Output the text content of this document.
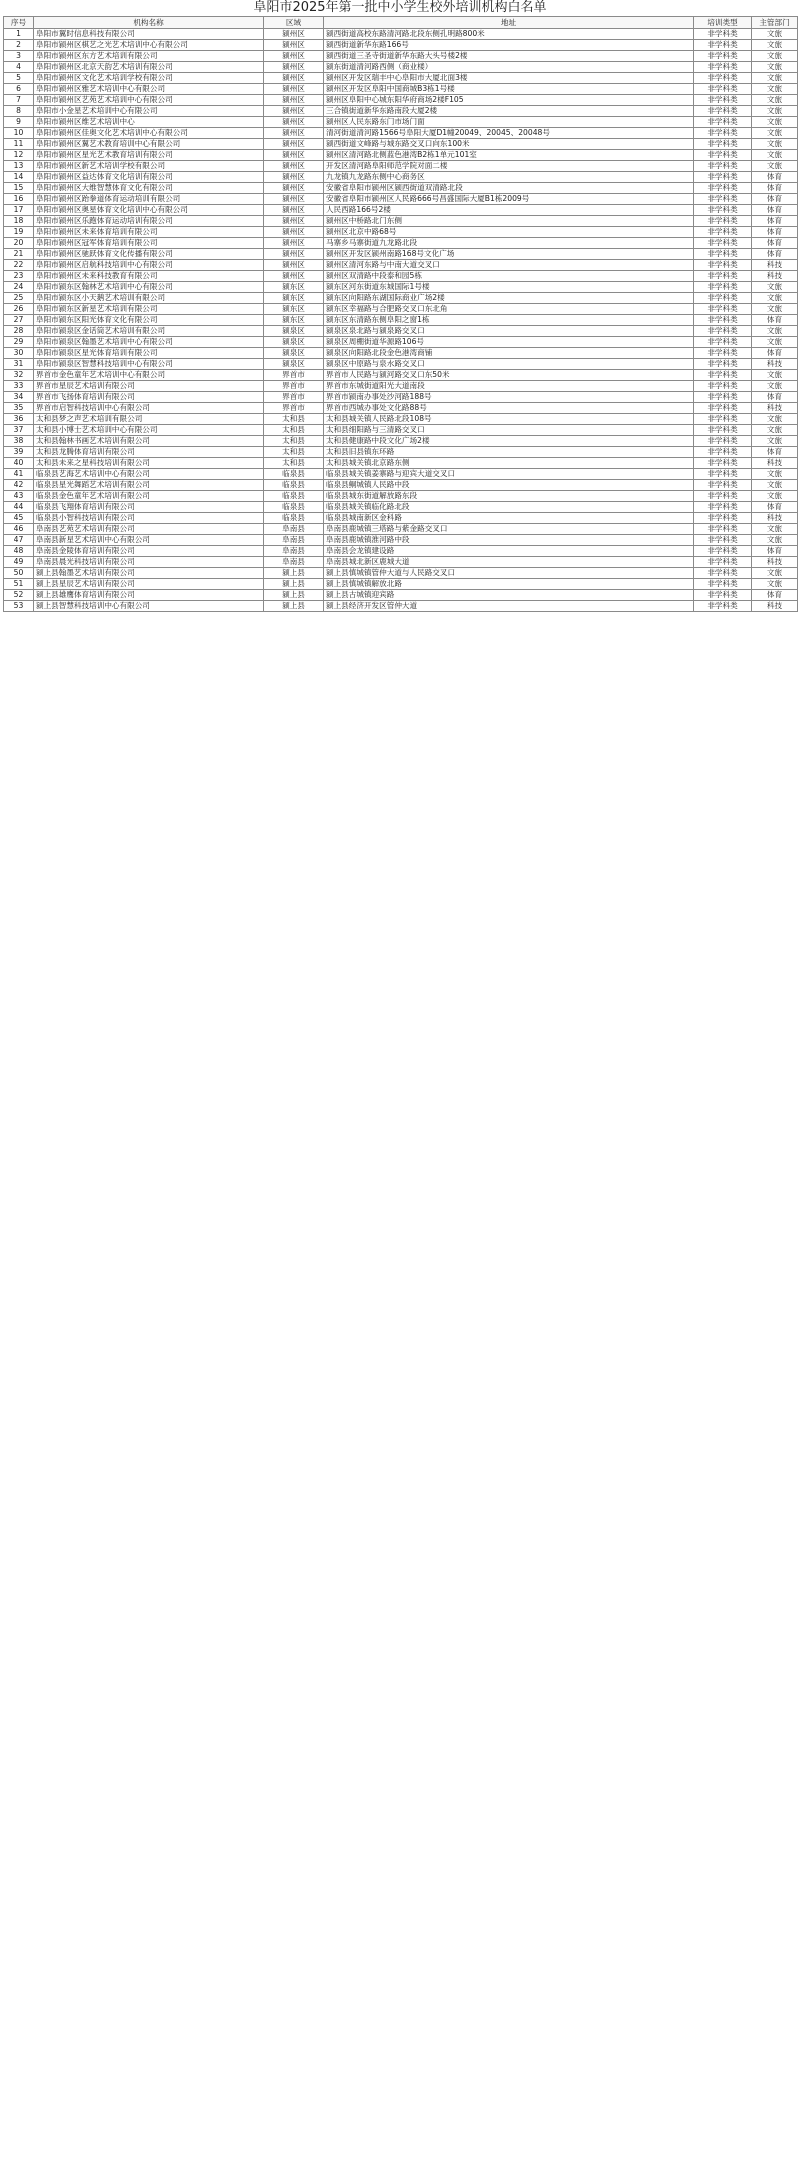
阜阳市2025年第一批中小学生校外培训机构白名单
序号	机构名称	区域	地址	培训类型	主管部门
1	阜阳市翼时信息科技有限公司	颍州区	颍西街道高校东路清河路北段东侧孔明路800米	非学科类	文旅
2	阜阳市颍州区棋艺之光艺术培训中心有限公司	颍州区	颍西街道新华东路166号	非学科类	文旅
3	阜阳市颍州区东方艺术培训有限公司	颍州区	颍西街道三圣寺街道新华东路大头号楼2楼	非学科类	文旅
4	阜阳市颍州区北京天韵艺术培训有限公司	颍州区	颍东街道清河路西侧（商业楼）	非学科类	文旅
5	阜阳市颍州区文化艺术培训学校有限公司	颍州区	颍州区开发区瑞丰中心阜阳市大厦北面3楼	非学科类	文旅
6	阜阳市颍州区雅艺术培训中心有限公司	颍州区	颍州区开发区阜阳中国商城B3栋1号楼	非学科类	文旅
7	阜阳市颍州区艺苑艺术培训中心有限公司	颍州区	颍州区阜阳中心城东阳华府商场2楼F105	非学科类	文旅
8	阜阳市小金星艺术培训中心有限公司	颍州区	三合镇街道新华东路南段大厦2楼	非学科类	文旅
9	阜阳市颍州区维艺术培训中心	颍州区	颍州区人民东路东门市场门面	非学科类	文旅
10	阜阳市颍州区佳奥文化艺术培训中心有限公司	颍州区	清河街道清河路1566号阜阳大厦D1幢20049、20045、20048号	非学科类	文旅
11	阜阳市颍州区翼艺术教育培训中心有限公司	颍州区	颍西街道文峰路与城东路交叉口向东100米	非学科类	文旅
12	阜阳市颍州区星光艺术教育培训有限公司	颍州区	颍州区清河路北侧蓝色港湾B2栋1单元101室	非学科类	文旅
13	阜阳市颍州区新艺术培训学校有限公司	颍州区	开发区清河路阜阳师范学院对面二楼	非学科类	文旅
14	阜阳市颍州区益达体育文化培训有限公司	颍州区	九龙镇九龙路东侧中心商务区	非学科类	体育
15	阜阳市颍州区大维智慧体育文化有限公司	颍州区	安徽省阜阳市颍州区颍西街道双清路北段	非学科类	体育
16	阜阳市颍州区跆拳道体育运动培训有限公司	颍州区	安徽省阜阳市颍州区人民路666号昌盛国际大厦B1栋2009号	非学科类	体育
17	阜阳市颍州区奥星体育文化培训中心有限公司	颍州区	人民西路166号2楼	非学科类	体育
18	阜阳市颍州区乐跑体育运动培训有限公司	颍州区	颍州区中桥路北门东侧	非学科类	体育
19	阜阳市颍州区未来体育培训有限公司	颍州区	颍州区北京中路68号	非学科类	体育
20	阜阳市颍州区冠军体育培训有限公司	颍州区	马寨乡马寨街道九龙路北段	非学科类	体育
21	阜阳市颍州区驰跃体育文化传播有限公司	颍州区	颍州区开发区颍州南路168号文化广场	非学科类	体育
22	阜阳市颍州区启航科技培训中心有限公司	颍州区	颍州区清河东路与中南大道交叉口	非学科类	科技
23	阜阳市颍州区未来科技教育有限公司	颍州区	颍州区双清路中段泰和园5栋	非学科类	科技
24	阜阳市颍东区翰林艺术培训中心有限公司	颍东区	颍东区河东街道东城国际1号楼	非学科类	文旅
25	阜阳市颍东区小天鹅艺术培训有限公司	颍东区	颍东区向阳路东湖国际商业广场2楼	非学科类	文旅
26	阜阳市颍东区新星艺术培训有限公司	颍东区	颍东区幸福路与合肥路交叉口东北角	非学科类	文旅
27	阜阳市颍东区阳光体育文化有限公司	颍东区	颍东区东清路东侧阜阳之窗1栋	非学科类	体育
28	阜阳市颍泉区金话筒艺术培训有限公司	颍泉区	颍泉区泉北路与颍泉路交叉口	非学科类	文旅
29	阜阳市颍泉区翰墨艺术培训中心有限公司	颍泉区	颍泉区周棚街道华源路106号	非学科类	文旅
30	阜阳市颍泉区星光体育培训有限公司	颍泉区	颍泉区向阳路北段金色港湾商铺	非学科类	体育
31	阜阳市颍泉区智慧科技培训中心有限公司	颍泉区	颍泉区中原路与泉水路交叉口	非学科类	科技
32	界首市金色童年艺术培训中心有限公司	界首市	界首市人民路与颍河路交叉口东50米	非学科类	文旅
33	界首市星辰艺术培训有限公司	界首市	界首市东城街道阳光大道南段	非学科类	文旅
34	界首市飞扬体育培训有限公司	界首市	界首市颍南办事处沙河路188号	非学科类	体育
35	界首市启智科技培训中心有限公司	界首市	界首市西城办事处文化路88号	非学科类	科技
36	太和县梦之声艺术培训有限公司	太和县	太和县城关镇人民路北段108号	非学科类	文旅
37	太和县小博士艺术培训中心有限公司	太和县	太和县细阳路与三清路交叉口	非学科类	文旅
38	太和县翰林书画艺术培训有限公司	太和县	太和县健康路中段文化广场2楼	非学科类	文旅
39	太和县龙腾体育培训有限公司	太和县	太和县旧县镇东环路	非学科类	体育
40	太和县未来之星科技培训有限公司	太和县	太和县城关镇北京路东侧	非学科类	科技
41	临泉县艺海艺术培训中心有限公司	临泉县	临泉县城关镇姜寨路与迎宾大道交叉口	非学科类	文旅
42	临泉县星光舞蹈艺术培训有限公司	临泉县	临泉县鲖城镇人民路中段	非学科类	文旅
43	临泉县金色童年艺术培训有限公司	临泉县	临泉县城东街道解放路东段	非学科类	文旅
44	临泉县飞翔体育培训有限公司	临泉县	临泉县城关镇临化路北段	非学科类	体育
45	临泉县小智科技培训有限公司	临泉县	临泉县城南新区金科路	非学科类	科技
46	阜南县艺苑艺术培训有限公司	阜南县	阜南县鹿城镇三塔路与紫金路交叉口	非学科类	文旅
47	阜南县新星艺术培训中心有限公司	阜南县	阜南县鹿城镇淮河路中段	非学科类	文旅
48	阜南县金陵体育培训有限公司	阜南县	阜南县会龙镇建设路	非学科类	体育
49	阜南县晨光科技培训有限公司	阜南县	阜南县城北新区鹿城大道	非学科类	科技
50	颍上县翰墨艺术培训有限公司	颍上县	颍上县慎城镇管仲大道与人民路交叉口	非学科类	文旅
51	颍上县星辰艺术培训有限公司	颍上县	颍上县慎城镇解放北路	非学科类	文旅
52	颍上县雄鹰体育培训有限公司	颍上县	颍上县古城镇迎宾路	非学科类	体育
53	颍上县智慧科技培训中心有限公司	颍上县	颍上县经济开发区管仲大道	非学科类	科技
